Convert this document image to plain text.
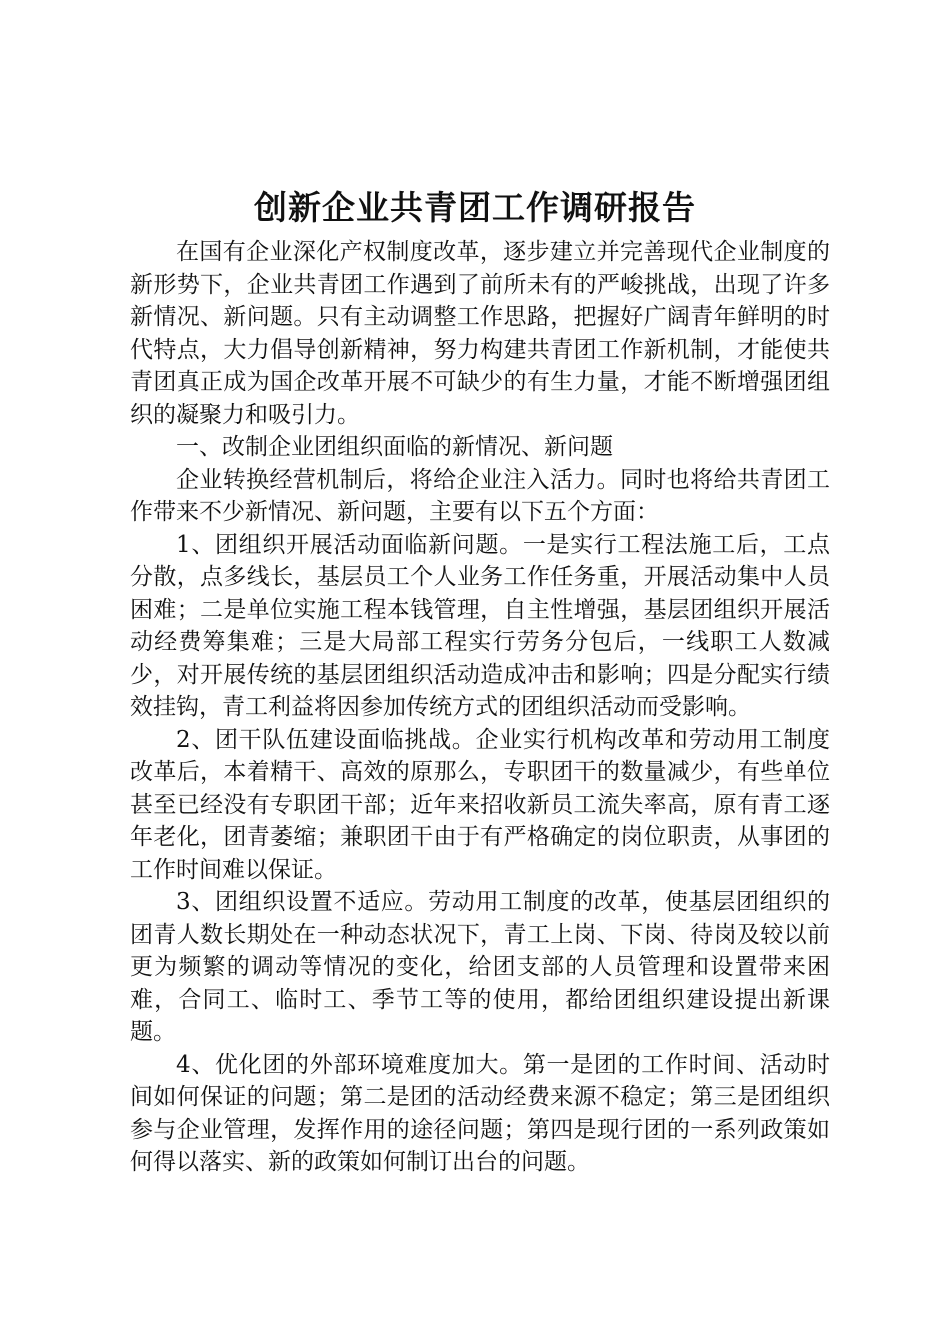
创新企业共青团工作调研报告

在国有企业深化产权制度改革，逐步建立并完善现代企业制度的新形势下，企业共青团工作遇到了前所未有的严峻挑战，出现了许多新情况、新问题。只有主动调整工作思路，把握好广阔青年鲜明的时代特点，大力倡导创新精神，努力构建共青团工作新机制，才能使共青团真正成为国企改革开展不可缺少的有生力量，才能不断增强团组织的凝聚力和吸引力。

一、改制企业团组织面临的新情况、新问题

企业转换经营机制后，将给企业注入活力。同时也将给共青团工作带来不少新情况、新问题，主要有以下五个方面：

1、团组织开展活动面临新问题。一是实行工程法施工后，工点分散，点多线长，基层员工个人业务工作任务重，开展活动集中人员困难；二是单位实施工程本钱管理，自主性增强，基层团组织开展活动经费筹集难；三是大局部工程实行劳务分包后，一线职工人数减少，对开展传统的基层团组织活动造成冲击和影响；四是分配实行绩效挂钩，青工利益将因参加传统方式的团组织活动而受影响。

2、团干队伍建设面临挑战。企业实行机构改革和劳动用工制度改革后，本着精干、高效的原那么，专职团干的数量减少，有些单位甚至已经没有专职团干部；近年来招收新员工流失率高，原有青工逐年老化，团青萎缩；兼职团干由于有严格确定的岗位职责，从事团的工作时间难以保证。

3、团组织设置不适应。劳动用工制度的改革，使基层团组织的团青人数长期处在一种动态状况下，青工上岗、下岗、待岗及较以前更为频繁的调动等情况的变化，给团支部的人员管理和设置带来困难，合同工、临时工、季节工等的使用，都给团组织建设提出新课题。

4、优化团的外部环境难度加大。第一是团的工作时间、活动时间如何保证的问题；第二是团的活动经费来源不稳定；第三是团组织参与企业管理，发挥作用的途径问题；第四是现行团的一系列政策如何得以落实、新的政策如何制订出台的问题。
